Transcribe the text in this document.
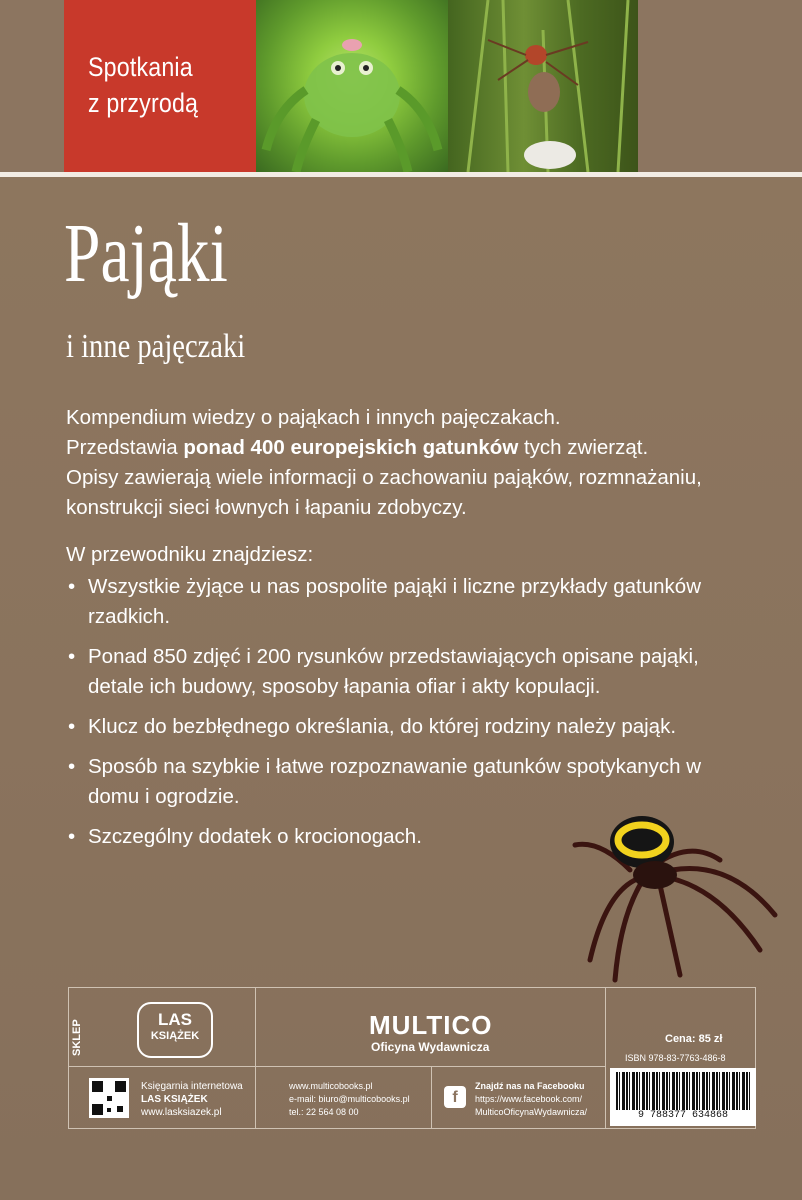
Spotkania
z przyrodą
Pająki
i inne pajęczaki

Kompendium wiedzy o pająkach i innych pajęczakach.

Przedstawia ponad 400 europejskich gatunków tych zwierząt.

Opisy zawierają wiele informacji o zachowaniu pająków, rozmnażaniu, konstrukcji sieci łownych i łapaniu zdobyczy.

W przewodniku znajdziesz:
• Wszystkie żyjące u nas pospolite pająki i liczne przykłady gatunków rzadkich.
• Ponad 850 zdjęć i 200 rysunków przedstawiających opisane pająki, detale ich budowy, sposoby łapania ofiar i akty kopulacji.
• Klucz do bezbłędnego określania, do której rodziny należy pająk.
• Sposób na szybkie i łatwe rozpoznawanie gatunków spotykanych w domu i ogrodzie.
• Szczególny dodatek o krocionogach.
SKLEP	LAS
KSIĄŻEK
Księgarnia internetowa
LAS KSIĄŻEK
www.lasksiazek.pl
MULTICO
Oficyna Wydawnicza
www.multicobooks.pl
e-mail: biuro@multicobooks.pl
tel.: 22 564 08 00
f
Znajdź nas na Facebooku
https://www.facebook.com/
MulticoOficynaWydawnicza/
Cena: 85 zł
ISBN 978-83-7763-486-8
9 788377 634868
